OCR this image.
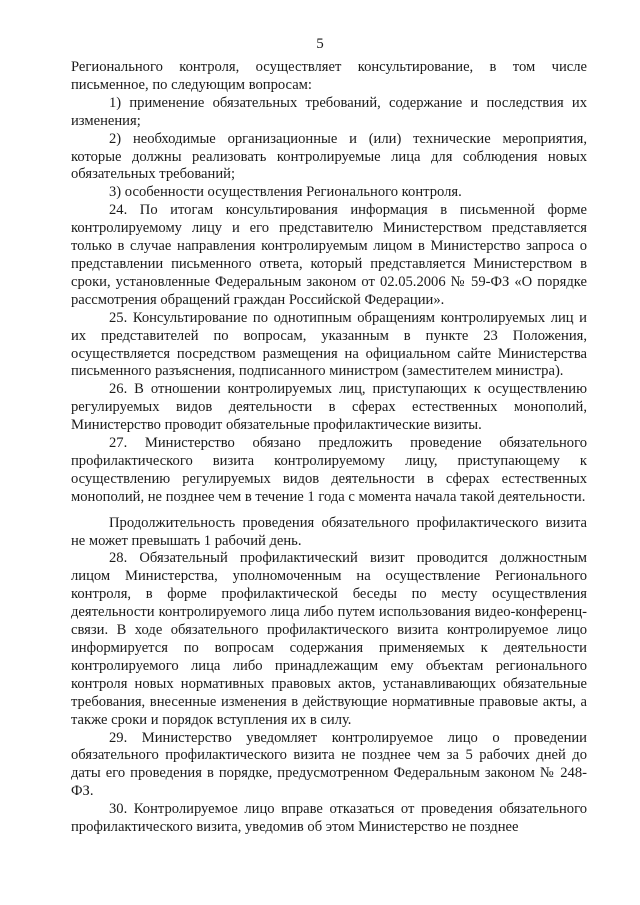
5

Регионального контроля, осуществляет консультирование, в том числе письменное, по следующим вопросам:

1) применение обязательных требований, содержание и последствия их изменения;

2) необходимые организационные и (или) технические мероприятия, которые должны реализовать контролируемые лица для соблюдения новых обязательных требований;

3) особенности осуществления Регионального контроля.

24. По итогам консультирования информация в письменной форме контролируемому лицу и его представителю Министерством представляется только в случае направления контролируемым лицом в Министерство запроса о представлении письменного ответа, который представляется Министерством в сроки, установленные Федеральным законом от 02.05.2006 № 59-ФЗ «О порядке рассмотрения обращений граждан Российской Федерации».

25. Консультирование по однотипным обращениям контролируемых лиц и их представителей по вопросам, указанным в пункте 23 Положения, осуществляется посредством размещения на официальном сайте Министерства письменного разъяснения, подписанного министром (заместителем министра).

26. В отношении контролируемых лиц, приступающих к осуществлению регулируемых видов деятельности в сферах естественных монополий, Министерство проводит обязательные профилактические визиты.

27. Министерство обязано предложить проведение обязательного профилактического визита контролируемому лицу, приступающему к осуществлению регулируемых видов деятельности в сферах естественных монополий, не позднее чем в течение 1 года с момента начала такой деятельности.

Продолжительность проведения обязательного профилактического визита не может превышать 1 рабочий день.

28. Обязательный профилактический визит проводится должностным лицом Министерства, уполномоченным на осуществление Регионального контроля, в форме профилактической беседы по месту осуществления деятельности контролируемого лица либо путем использования видео-конференц-связи. В ходе обязательного профилактического визита контролируемое лицо информируется по вопросам содержания применяемых к деятельности контролируемого лица либо принадлежащим ему объектам регионального контроля новых нормативных правовых актов, устанавливающих обязательные требования, внесенные изменения в действующие нормативные правовые акты, а также сроки и порядок вступления их в силу.

29. Министерство уведомляет контролируемое лицо о проведении обязательного профилактического визита не позднее чем за 5 рабочих дней до даты его проведения в порядке, предусмотренном Федеральным законом № 248-ФЗ.

30. Контролируемое лицо вправе отказаться от проведения обязательного профилактического визита, уведомив об этом Министерство не позднее
